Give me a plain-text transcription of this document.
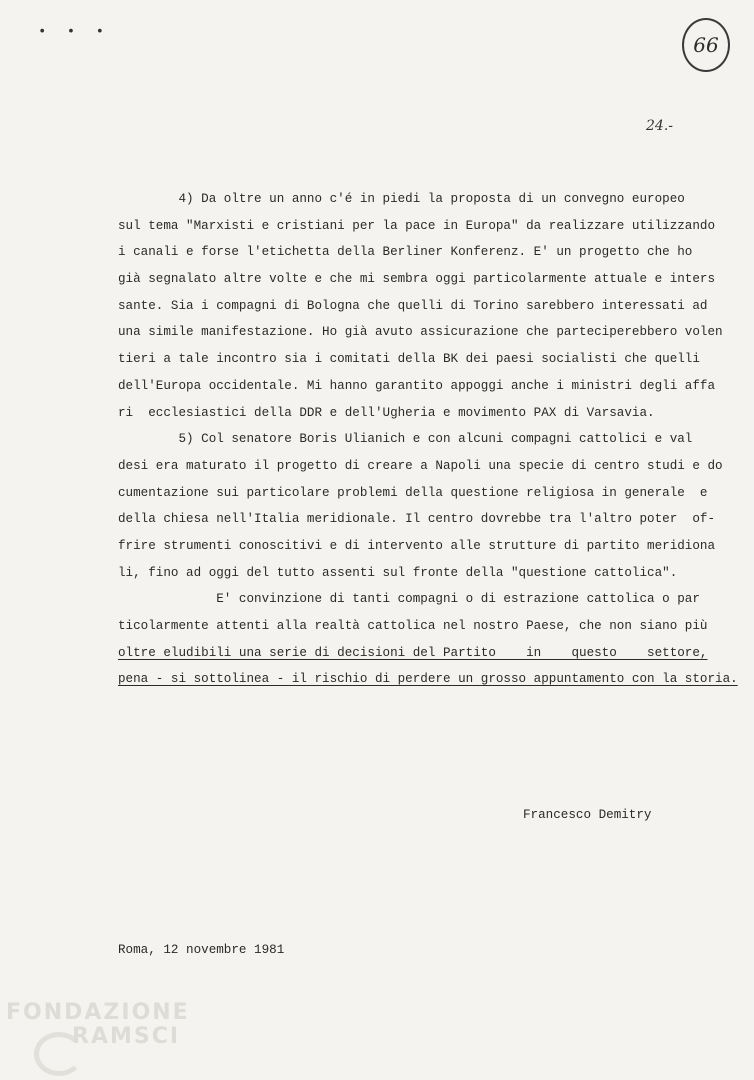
• • •
66
24.-
4) Da oltre un anno c'é in piedi la proposta di un convegno europeo
sul tema "Marxisti e cristiani per la pace in Europa" da realizzare utilizzando
i canali e forse l'etichetta della Berliner Konferenz. E' un progetto che ho
già segnalato altre volte e che mi sembra oggi particolarmente attuale e inters
sante. Sia i compagni di Bologna che quelli di Torino sarebbero interessati ad
una simile manifestazione. Ho già avuto assicurazione che parteciperebbero volen
tieri a tale incontro sia i comitati della BK dei paesi socialisti che quelli
dell'Europa occidentale. Mi hanno garantito appoggi anche i ministri degli affa
ri  ecclesiastici della DDR e dell'Ugheria e movimento PAX di Varsavia.
5) Col senatore Boris Ulianich e con alcuni compagni cattolici e val
desi era maturato il progetto di creare a Napoli una specie di centro studi e do
cumentazione sui particolare problemi della questione religiosa in generale  e
della chiesa nell'Italia meridionale. Il centro dovrebbe tra l'altro poter  of-
frire strumenti conoscitivi e di intervento alle strutture di partito meridiona
li, fino ad oggi del tutto assenti sul fronte della "questione cattolica".
E' convinzione di tanti compagni o di estrazione cattolica o par
ticolarmente attenti alla realtà cattolica nel nostro Paese, che non siano più
oltre eludibili una serie di decisioni del Partito    in    questo    settore,
pena - si sottolinea - il rischio di perdere un grosso appuntamento con la storia.
Francesco Demitry
Roma, 12 novembre 1981
FONDAZIONE
RAMSCI
